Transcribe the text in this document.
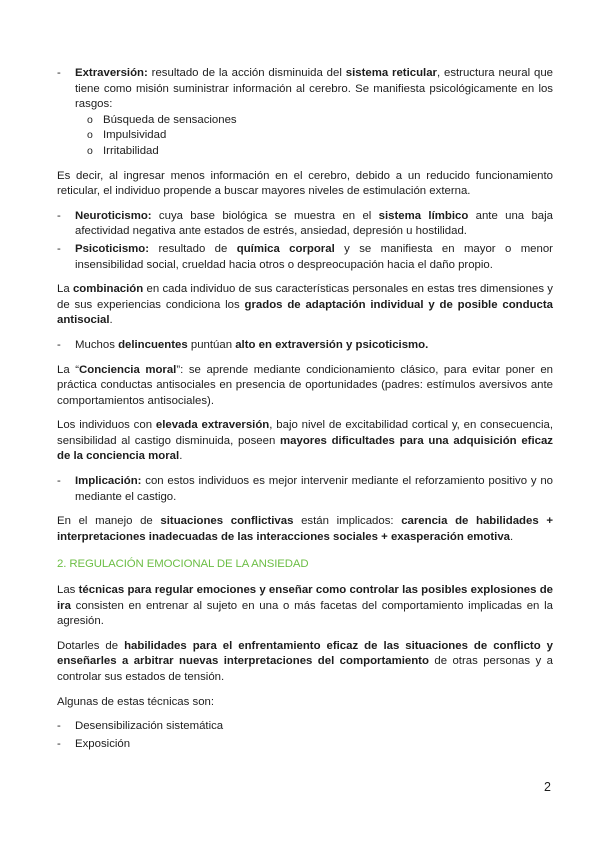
- Extraversión: resultado de la acción disminuida del sistema reticular, estructura neural que tiene como misión suministrar información al cerebro. Se manifiesta psicológicamente en los rasgos:
o Búsqueda de sensaciones
o Impulsividad
o Irritabilidad

Es decir, al ingresar menos información en el cerebro, debido a un reducido funcionamiento reticular, el individuo propende a buscar mayores niveles de estimulación externa.

- Neuroticismo: cuya base biológica se muestra en el sistema límbico ante una baja afectividad negativa ante estados de estrés, ansiedad, depresión u hostilidad.
- Psicoticismo: resultado de química corporal y se manifiesta en mayor o menor insensibilidad social, crueldad hacia otros o despreocupación hacia el daño propio.

La combinación en cada individuo de sus características personales en estas tres dimensiones y de sus experiencias condiciona los grados de adaptación individual y de posible conducta antisocial.

- Muchos delincuentes puntúan alto en extraversión y psicoticismo.

La “Conciencia moral”: se aprende mediante condicionamiento clásico, para evitar poner en práctica conductas antisociales en presencia de oportunidades (padres: estímulos aversivos ante comportamientos antisociales).

Los individuos con elevada extraversión, bajo nivel de excitabilidad cortical y, en consecuencia, sensibilidad al castigo disminuida, poseen mayores dificultades para una adquisición eficaz de la conciencia moral.

- Implicación: con estos individuos es mejor intervenir mediante el reforzamiento positivo y no mediante el castigo.

En el manejo de situaciones conflictivas están implicados: carencia de habilidades + interpretaciones inadecuadas de las interacciones sociales + exasperación emotiva.

2. REGULACIÓN EMOCIONAL DE LA ANSIEDAD

Las técnicas para regular emociones y enseñar como controlar las posibles explosiones de ira consisten en entrenar al sujeto en una o más facetas del comportamiento implicadas en la agresión.

Dotarles de habilidades para el enfrentamiento eficaz de las situaciones de conflicto y enseñarles a arbitrar nuevas interpretaciones del comportamiento de otras personas y a controlar sus estados de tensión.

Algunas de estas técnicas son:

- Desensibilización sistemática
- Exposición
2
